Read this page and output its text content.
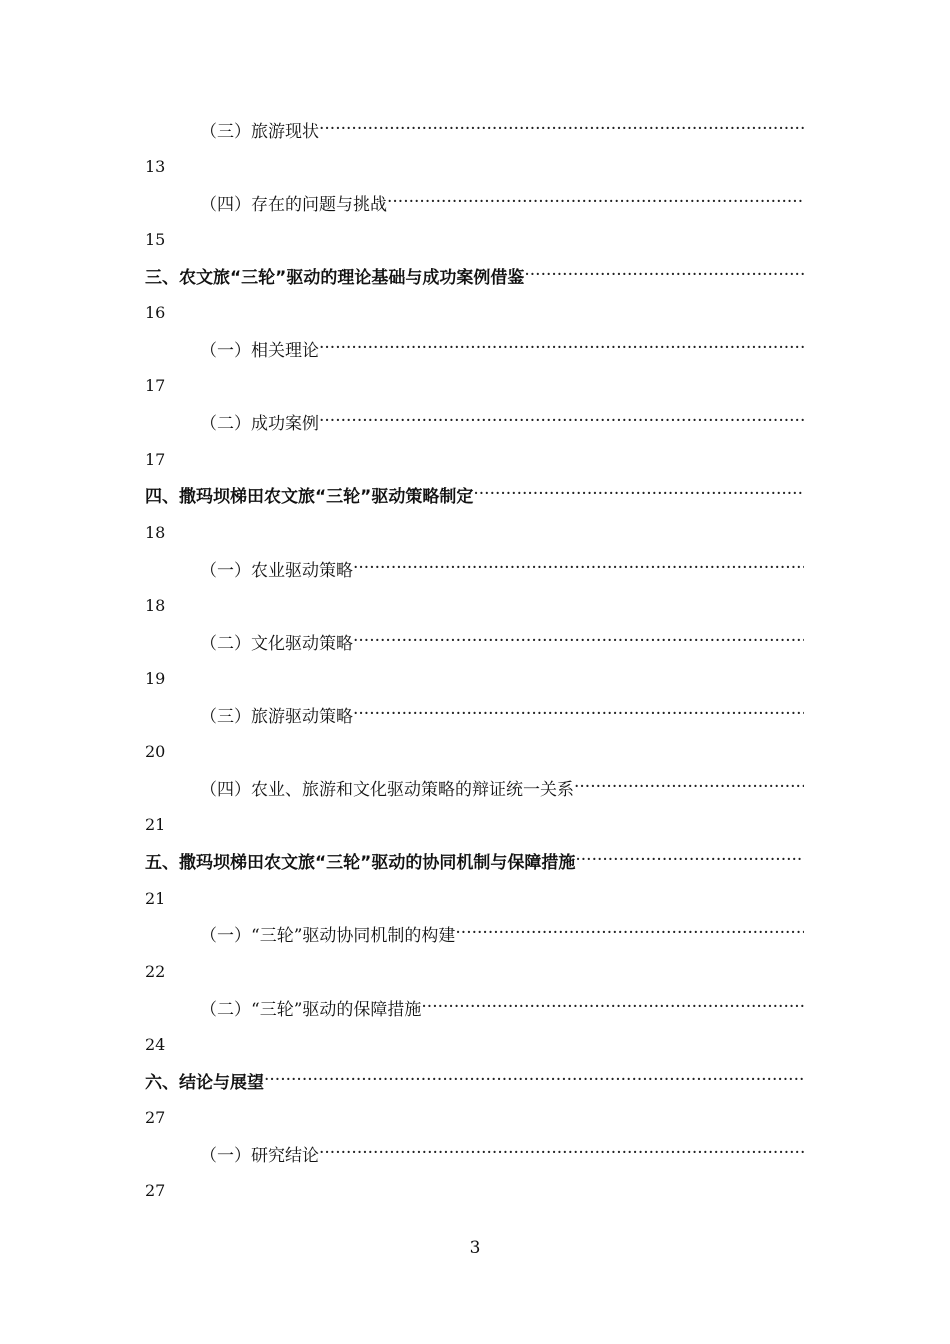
（三）旅游现状
·····
13
（四）存在的问题与挑战
·····
15
三、农文旅“三轮”驱动的理论基础与成功案例借鉴
·····
16
（一）相关理论
·····
17
（二）成功案例
·····
17
四、撒玛坝梯田农文旅“三轮”驱动策略制定
·····
18
（一）农业驱动策略
·····
18
（二）文化驱动策略
·····
19
（三）旅游驱动策略
·····
20
（四）农业、旅游和文化驱动策略的辩证统一关系
·····
21
五、撒玛坝梯田农文旅“三轮”驱动的协同机制与保障措施
·····
21
（一）“三轮”驱动协同机制的构建
·····
22
（二）“三轮”驱动的保障措施
·····
24
六、结论与展望
·····
27
（一）研究结论
·····
27
3
